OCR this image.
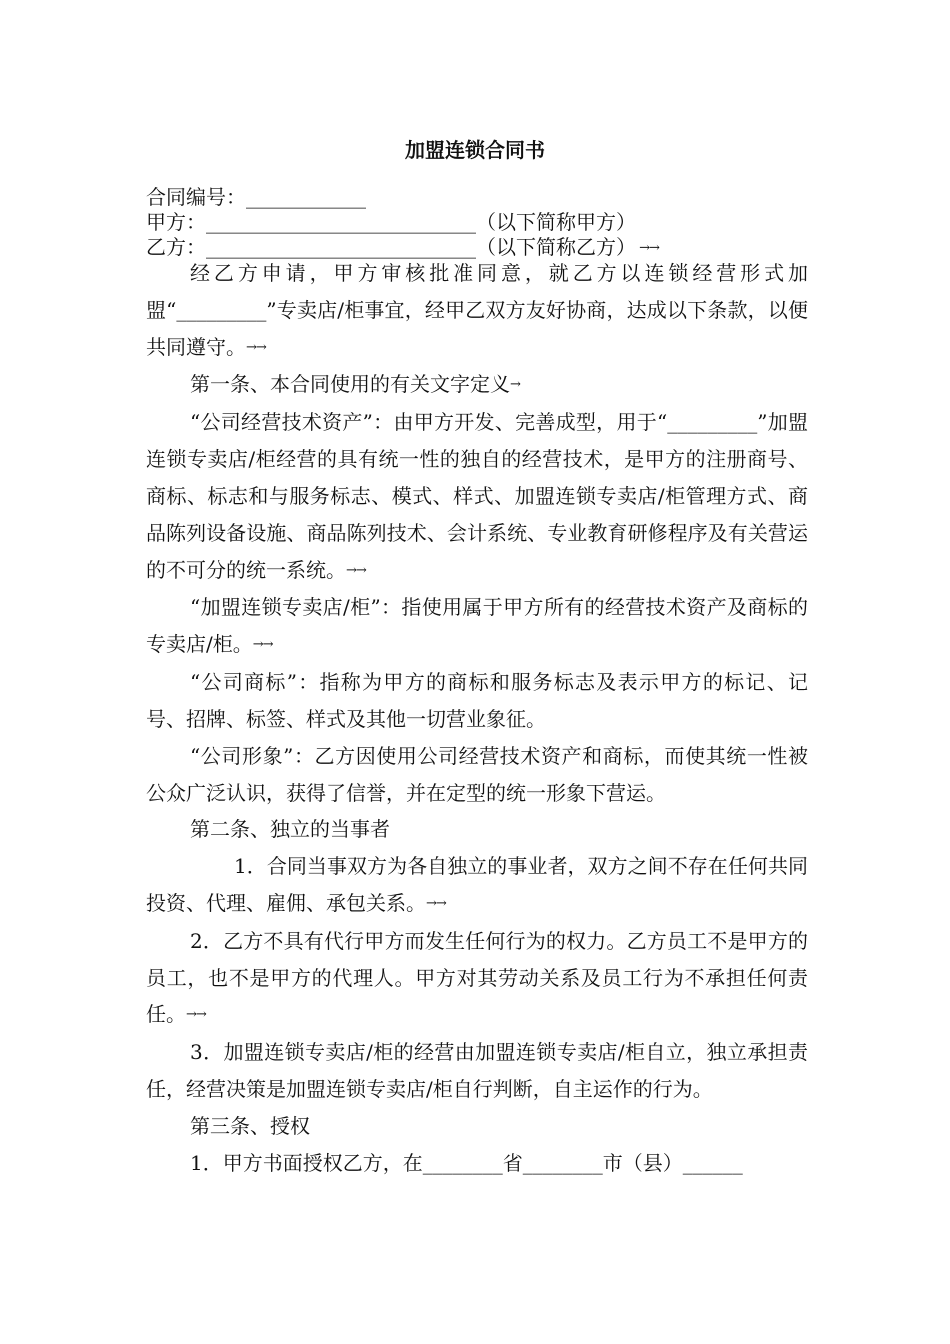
加盟连锁合同书
合同编号：____________
甲方：___________________________（以下简称甲方）
乙方：___________________________（以下简称乙方） →→

经乙方申请，甲方审核批准同意，就乙方以连锁经营形式加盟“_________”专卖店/柜事宜，经甲乙双方友好协商，达成以下条款，以便共同遵守。→→

第一条、本合同使用的有关文字定义→

“公司经营技术资产”：由甲方开发、完善成型，用于“_________”加盟连锁专卖店/柜经营的具有统一性的独自的经营技术，是甲方的注册商号、商标、标志和与服务标志、模式、样式、加盟连锁专卖店/柜管理方式、商品陈列设备设施、商品陈列技术、会计系统、专业教育研修程序及有关营运的不可分的统一系统。→→

“加盟连锁专卖店/柜”：指使用属于甲方所有的经营技术资产及商标的专卖店/柜。→→

“公司商标”：指称为甲方的商标和服务标志及表示甲方的标记、记号、招牌、标签、样式及其他一切营业象征。

“公司形象”：乙方因使用公司经营技术资产和商标，而使其统一性被公众广泛认识，获得了信誉，并在定型的统一形象下营运。

第二条、独立的当事者

1．合同当事双方为各自独立的事业者，双方之间不存在任何共同投资、代理、雇佣、承包关系。→→

2．乙方不具有代行甲方而发生任何行为的权力。乙方员工不是甲方的员工，也不是甲方的代理人。甲方对其劳动关系及员工行为不承担任何责任。→→

3．加盟连锁专卖店/柜的经营由加盟连锁专卖店/柜自立，独立承担责任，经营决策是加盟连锁专卖店/柜自行判断，自主运作的行为。

第三条、授权

1．甲方书面授权乙方，在________省________市（县）______
